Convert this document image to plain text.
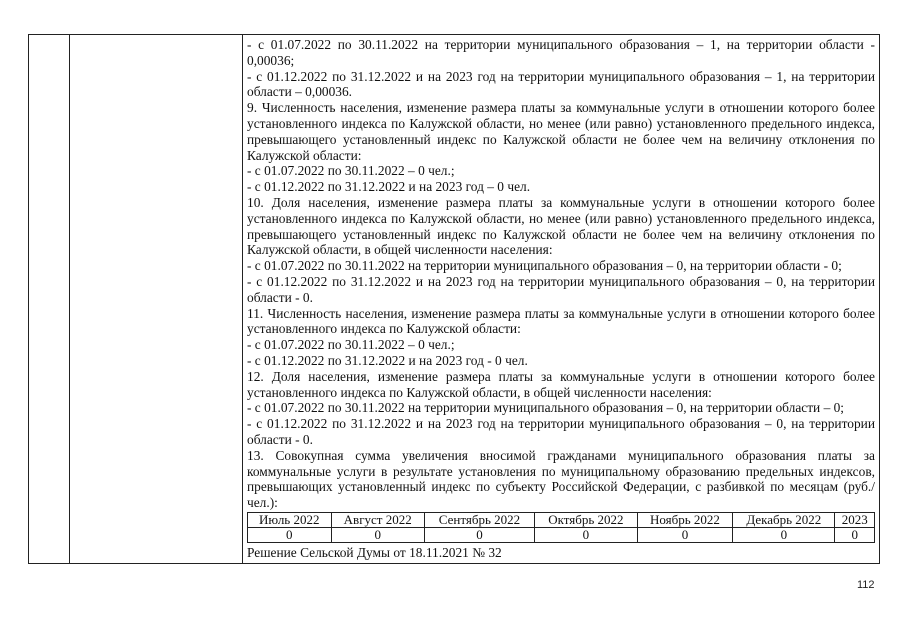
- с 01.07.2022 по 30.11.2022 на территории муниципального образования – 1, на территории области - 0,00036;

- с 01.12.2022 по 31.12.2022 и на 2023 год на территории муниципального образования – 1, на территории области – 0,00036.

9. Численность населения, изменение размера платы за коммунальные услуги в отношении которого более установленного индекса по Калужской области, но менее (или равно) установленного предельного индекса, превышающего установленный индекс по Калужской области не более чем на величину отклонения по Калужской области:

- с 01.07.2022 по 30.11.2022 – 0 чел.;

- с 01.12.2022 по 31.12.2022 и на 2023 год – 0 чел.

10. Доля населения, изменение размера платы за коммунальные услуги в отношении которого более установленного индекса по Калужской области, но менее (или равно) установленного предельного индекса, превышающего установленный индекс по Калужской области не более чем на величину отклонения по Калужской области, в общей численности населения:

- с 01.07.2022 по 30.11.2022 на территории муниципального образования – 0, на территории области - 0;

- с 01.12.2022 по 31.12.2022 и на 2023 год на территории муниципального образования – 0, на территории области - 0.

11. Численность населения, изменение размера платы за коммунальные услуги в отношении которого более установленного индекса по Калужской области:

- с 01.07.2022 по 30.11.2022 – 0 чел.;

- с 01.12.2022 по 31.12.2022 и на 2023 год - 0 чел.

12. Доля населения, изменение размера платы за коммунальные услуги в отношении которого более установленного индекса по Калужской области, в общей численности населения:

- с 01.07.2022 по 30.11.2022 на территории муниципального образования – 0, на территории области – 0;

- с 01.12.2022 по 31.12.2022 и на 2023 год на территории муниципального образования – 0, на территории области - 0.

13. Совокупная сумма увеличения вносимой гражданами муниципального образования платы за коммунальные услуги в результате установления по муниципальному образованию предельных индексов, превышающих установленный индекс по субъекту Российской Федерации, с разбивкой по месяцам (руб./чел.):

Июль 2022	Август 2022	Сентябрь 2022	Октябрь 2022	Ноябрь 2022	Декабрь 2022	2023
0	0	0	0	0	0	0

Решение Сельской Думы от 18.11.2021 № 32

112
